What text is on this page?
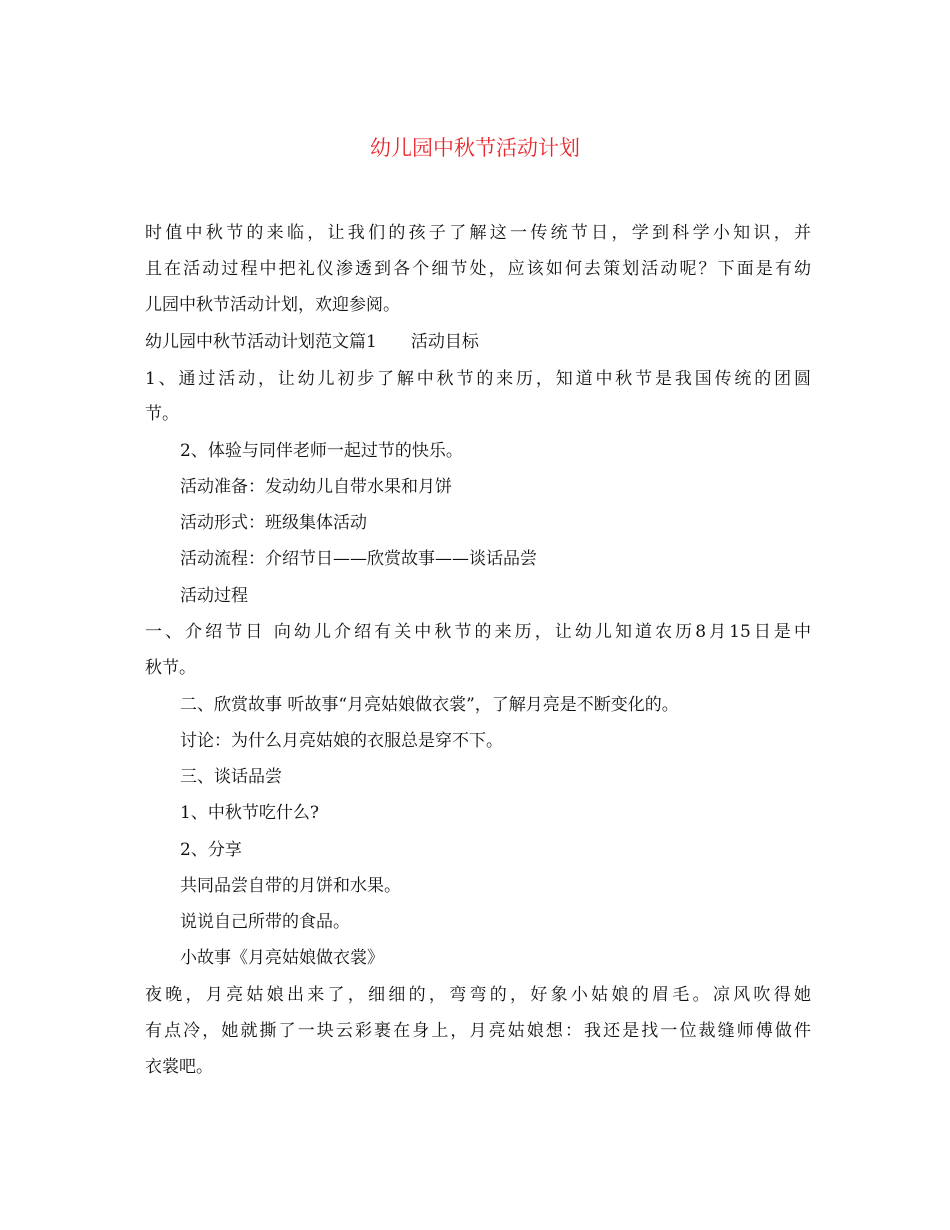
幼儿园中秋节活动计划
时值中秋节的来临，让我们的孩子了解这一传统节日，学到科学小知识，并
且在活动过程中把礼仪渗透到各个细节处，应该如何去策划活动呢？下面是有幼
儿园中秋节活动计划，欢迎参阅。
幼儿园中秋节活动计划范文篇1 活动目标
1、通过活动，让幼儿初步了解中秋节的来历，知道中秋节是我国传统的团圆
节。
2、体验与同伴老师一起过节的快乐。
活动准备：发动幼儿自带水果和月饼
活动形式：班级集体活动
活动流程：介绍节日——欣赏故事——谈话品尝
活动过程
一、介绍节日 向幼儿介绍有关中秋节的来历，让幼儿知道农历8月15日是中
秋节。
二、欣赏故事 听故事“月亮姑娘做衣裳”，了解月亮是不断变化的。
讨论：为什么月亮姑娘的衣服总是穿不下。
三、谈话品尝
1、中秋节吃什么?
2、分享
共同品尝自带的月饼和水果。
说说自己所带的食品。
小故事《月亮姑娘做衣裳》
夜晚，月亮姑娘出来了，细细的，弯弯的，好象小姑娘的眉毛。凉风吹得她
有点冷，她就撕了一块云彩裹在身上，月亮姑娘想：我还是找一位裁缝师傅做件
衣裳吧。
